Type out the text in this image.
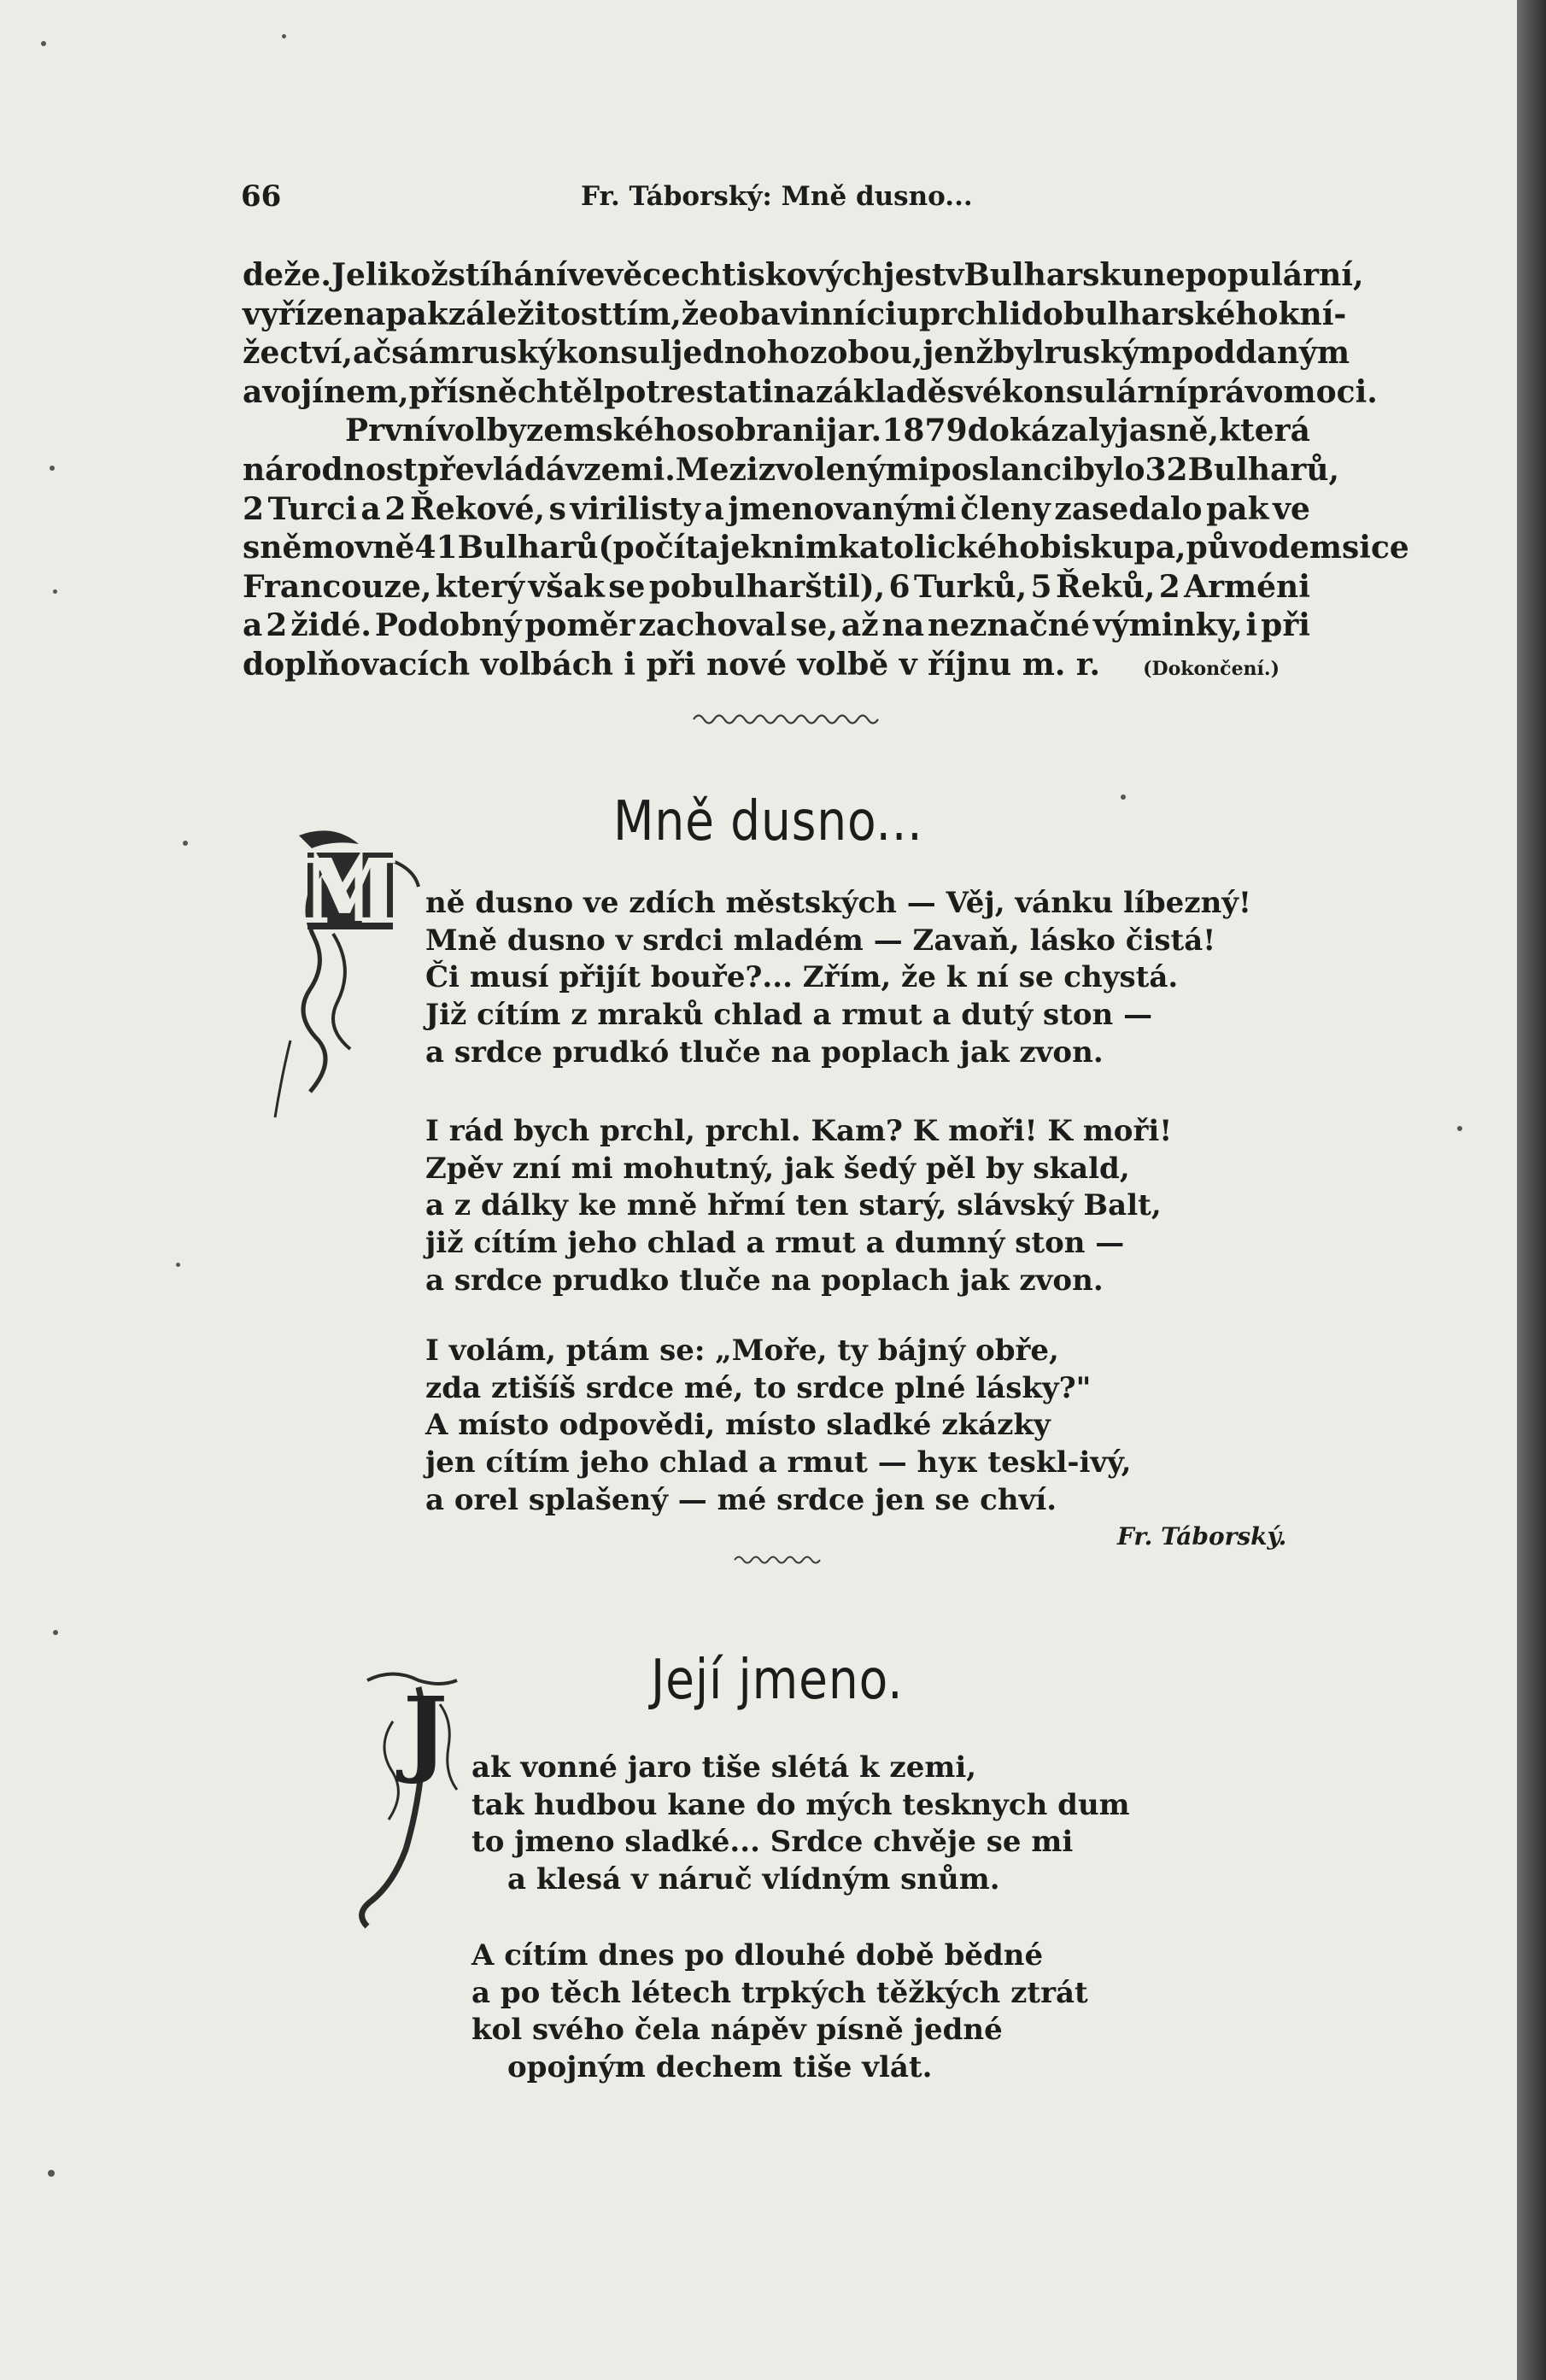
66	Fr. Táborský: Mně dusno...
deže. Jelikož stíhání ve věcech tiskových jest v Bulharsku nepopulární,
vyřízena pak záležitost tím, že oba vinníci uprchli do bulharského kní-
žectví, ač sám ruský konsul jednoho z obou, jenž byl ruským poddaným
a vojínem, přísně chtěl potrestati na základě své konsulární právomoci.
První volby zemského sobranija r. 1879 dokázaly jasně, která
národnost převládá v zemi. Mezi zvolenými poslanci bylo 32 Bulharů,
2 Turci a 2 Řekové, s virilisty a jmenovanými členy zasedalo pak ve
sněmovně 41 Bulharů (počítaje k nim katolického biskupa, původem sice
Francouze, který však se pobulharštil), 6 Turků, 5 Řeků, 2 Arméni
a 2 židé. Podobný poměr zachoval se, až na neznačné výminky, i při
doplňovacích volbách i při nové volbě v říjnu m. r. (Dokončení.)
Mně dusno...
M ně dusno ve zdích městských — Věj, vánku líbezný!
Mně dusno v srdci mladém — Zavaň, lásko čistá!
Či musí přijít bouře?... Zřím, že k ní se chystá.
Již cítím z mraků chlad a rmut a dutý ston —
a srdce prudkó tluče na poplach jak zvon.
I rád bych prchl, prchl. Kam? K moři! K moři!
Zpěv zní mi mohutný, jak šedý pěl by skald,
a z dálky ke mně hřmí ten starý, slávský Balt,
již cítím jeho chlad a rmut a dumný ston —
a srdce prudko tluče na poplach jak zvon.
I volám, ptám se: „Moře, ty bájný obře,
zda ztišíš srdce mé, to srdce plné lásky?"
A místo odpovědi, místo sladké zkázky
jen cítím jeho chlad a rmut — hук teskl-ivý,
a orel splašený — mé srdce jen se chví.
Fr. Táborský.
Její jmeno.
J ak vonné jaro tiše slétá k zemi,
tak hudbou kane do mých tesknych dum
to jmeno sladké... Srdce chvěje se mi
a klesá v náruč vlídným snům.
A cítím dnes po dlouhé době bědné
a po těch létech trpkých těžkých ztrát
kol svého čela nápěv písně jedné
opojným dechem tiše vlát.
